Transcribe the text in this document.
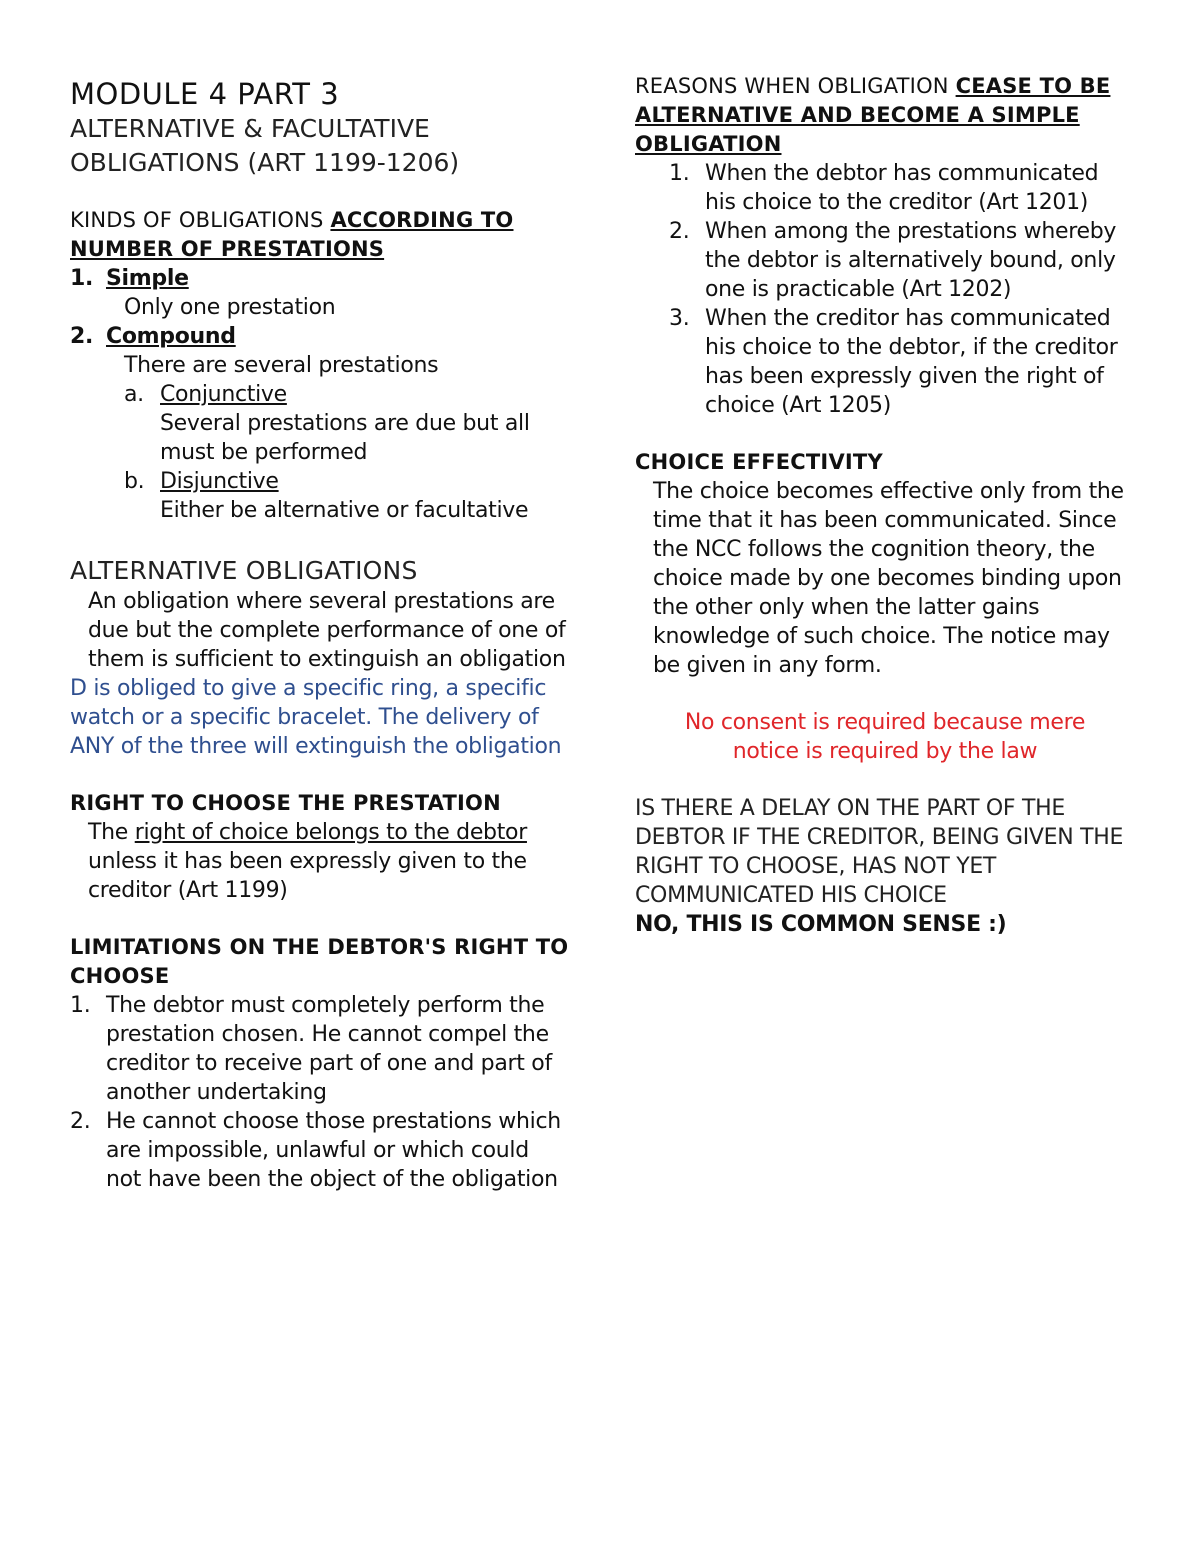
MODULE 4 PART 3
ALTERNATIVE & FACULTATIVE
OBLIGATIONS (ART 1199-1206)
KINDS OF OBLIGATIONS ACCORDING TO
NUMBER OF PRESTATIONS
1. Simple
Only one prestation
2. Compound
There are several prestations
a. Conjunctive
Several prestations are due but all must be performed
b. Disjunctive
Either be alternative or facultative
ALTERNATIVE OBLIGATIONS
An obligation where several prestations are due but the complete performance of one of them is sufficient to extinguish an obligation
D is obliged to give a specific ring, a specific watch or a specific bracelet. The delivery of ANY of the three will extinguish the obligation
RIGHT TO CHOOSE THE PRESTATION
The right of choice belongs to the debtor unless it has been expressly given to the creditor (Art 1199)
LIMITATIONS ON THE DEBTOR'S RIGHT TO CHOOSE
1. The debtor must completely perform the prestation chosen. He cannot compel the creditor to receive part of one and part of another undertaking
2. He cannot choose those prestations which are impossible, unlawful or which could not have been the object of the obligation
REASONS WHEN OBLIGATION CEASE TO BE ALTERNATIVE AND BECOME A SIMPLE OBLIGATION
1. When the debtor has communicated his choice to the creditor (Art 1201)
2. When among the prestations whereby the debtor is alternatively bound, only one is practicable (Art 1202)
3. When the creditor has communicated his choice to the debtor, if the creditor has been expressly given the right of choice (Art 1205)
CHOICE EFFECTIVITY
The choice becomes effective only from the time that it has been communicated. Since the NCC follows the cognition theory, the choice made by one becomes binding upon the other only when the latter gains knowledge of such choice. The notice may be given in any form.
No consent is required because mere notice is required by the law
IS THERE A DELAY ON THE PART OF THE DEBTOR IF THE CREDITOR, BEING GIVEN THE RIGHT TO CHOOSE, HAS NOT YET COMMUNICATED HIS CHOICE
NO, THIS IS COMMON SENSE :)
